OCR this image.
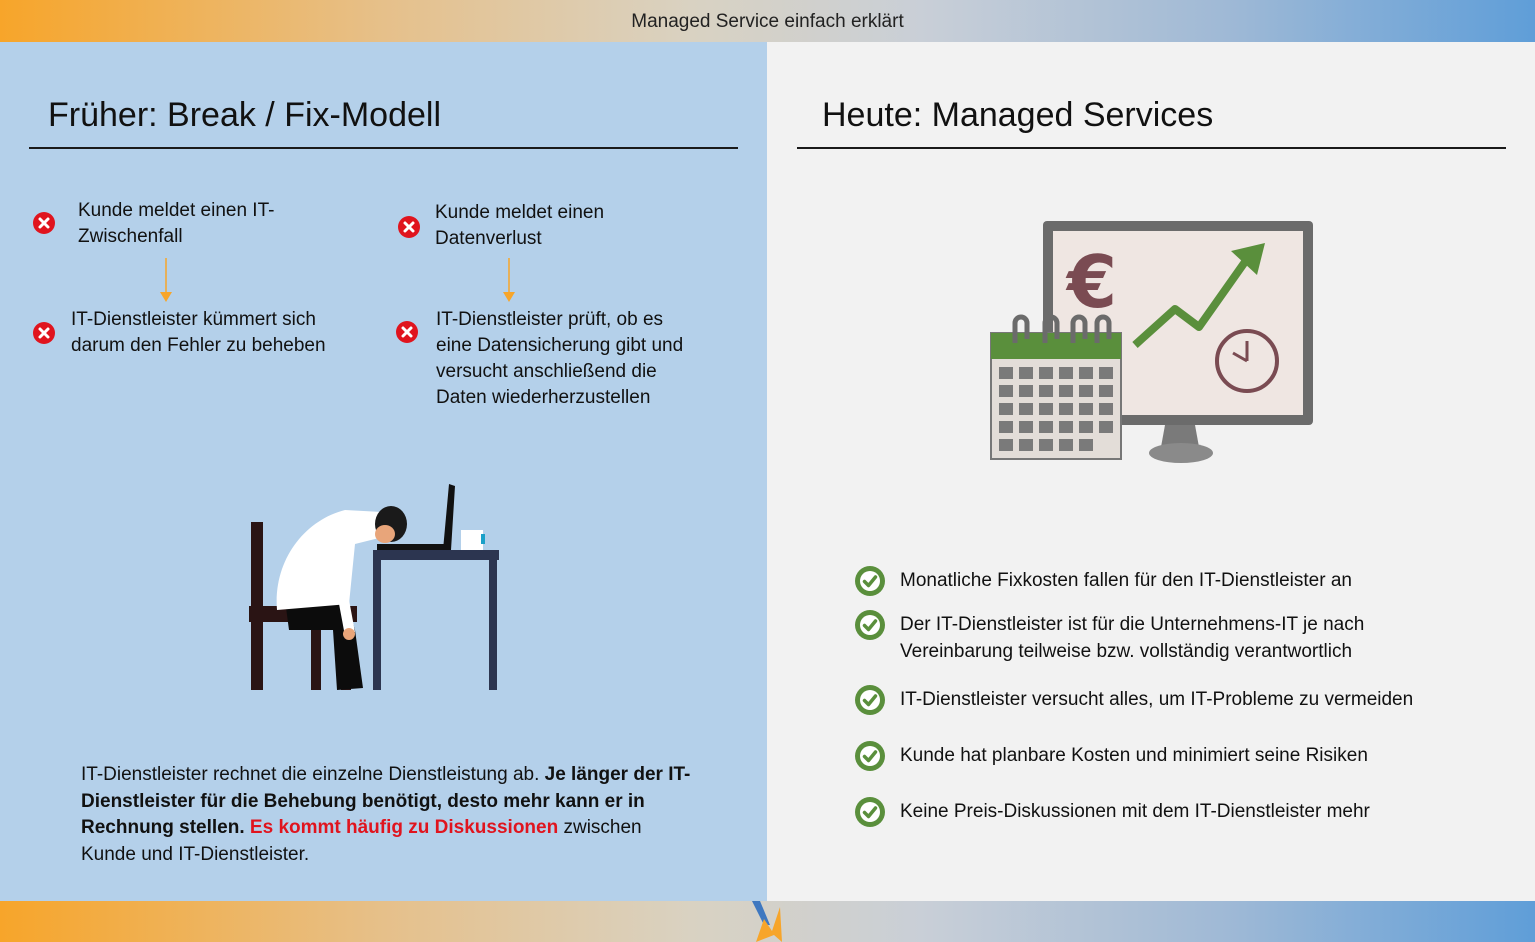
Managed Service einfach erklärt
Früher: Break / Fix-Modell
Kunde meldet einen IT-
Zwischenfall
IT-Dienstleister kümmert sich
darum den Fehler zu beheben
Kunde meldet einen
Datenverlust
IT-Dienstleister prüft, ob es
eine Datensicherung gibt und
versucht anschließend die
Daten wiederherzustellen
IT-Dienstleister rechnet die einzelne Dienstleistung ab. Je länger der IT-Dienstleister für die Behebung benötigt, desto mehr kann er in Rechnung stellen. Es kommt häufig zu Diskussionen zwischen Kunde und IT-Dienstleister.
Heute: Managed Services
€
Monatliche Fixkosten fallen für den IT-Dienstleister an
Der IT-Dienstleister ist für die Unternehmens-IT je nach
Vereinbarung teilweise bzw. vollständig verantwortlich
IT-Dienstleister versucht alles, um IT-Probleme zu vermeiden
Kunde hat planbare Kosten und minimiert seine Risiken
Keine Preis-Diskussionen mit dem IT-Dienstleister mehr
